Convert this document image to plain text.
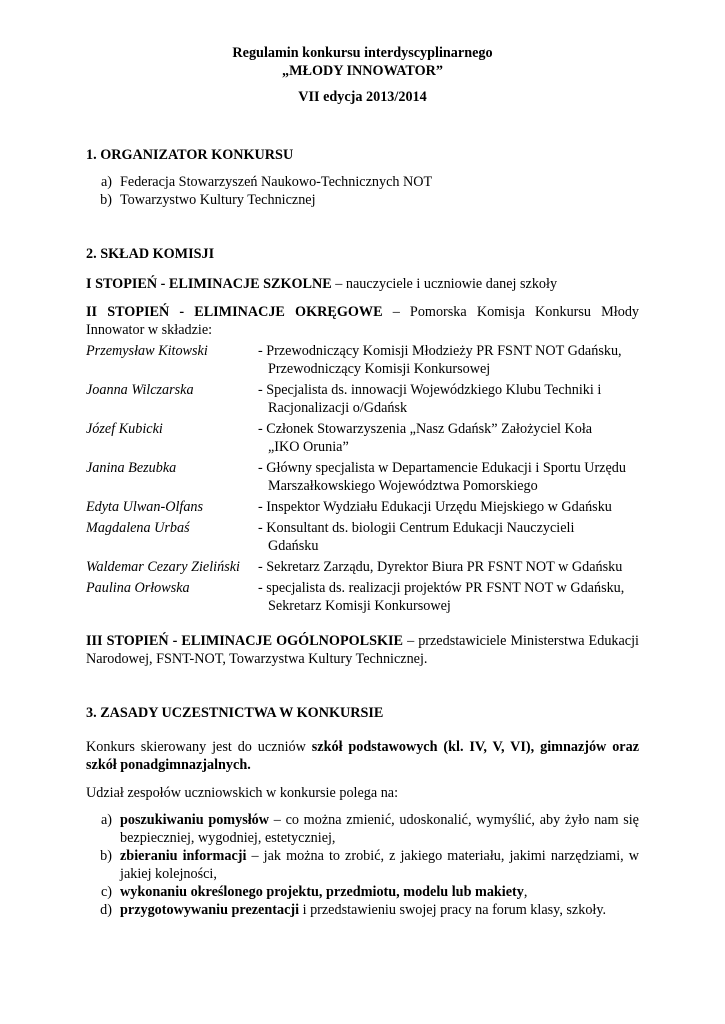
Regulamin konkursu interdyscyplinarnego
„MŁODY INNOWATOR”
VII edycja 2013/2014
1. ORGANIZATOR KONKURSU
a) Federacja Stowarzyszeń Naukowo-Technicznych NOT
b) Towarzystwo Kultury Technicznej
2. SKŁAD KOMISJI
I STOPIEŃ - ELIMINACJE SZKOLNE – nauczyciele i uczniowie danej szkoły
II STOPIEŃ - ELIMINACJE OKRĘGOWE – Pomorska Komisja Konkursu Młody Innowator w składzie:
Przemysław Kitowski	- Przewodniczący Komisji Młodzieży PR FSNT NOT Gdańsku,
Przewodniczący Komisji Konkursowej

Joanna Wilczarska	- Specjalista ds. innowacji Wojewódzkiego Klubu Techniki i
Racjonalizacji o/Gdańsk

Józef Kubicki	- Członek Stowarzyszenia „Nasz Gdańsk” Założyciel Koła
„IKO Orunia”

Janina Bezubka	- Główny specjalista w Departamencie Edukacji i Sportu Urzędu
Marszałkowskiego Województwa Pomorskiego

Edyta Ulwan-Olfans	- Inspektor Wydziału Edukacji Urzędu Miejskiego w Gdańsku
Magdalena Urbaś	- Konsultant ds. biologii Centrum Edukacji Nauczycieli
Gdańsku

Waldemar Cezary Zieliński	- Sekretarz Zarządu, Dyrektor Biura PR FSNT NOT w Gdańsku
Paulina Orłowska	- specjalista ds. realizacji projektów PR FSNT NOT w Gdańsku,
Sekretarz Komisji Konkursowej
III STOPIEŃ - ELIMINACJE OGÓLNOPOLSKIE – przedstawiciele Ministerstwa Edukacji Narodowej, FSNT-NOT, Towarzystwa Kultury Technicznej.
3. ZASADY UCZESTNICTWA W KONKURSIE
Konkurs skierowany jest do uczniów szkół podstawowych (kl. IV, V, VI), gimnazjów oraz szkół ponadgimnazjalnych.
Udział zespołów uczniowskich w konkursie polega na:
a) poszukiwaniu pomysłów – co można zmienić, udoskonalić, wymyślić, aby żyło nam się bezpieczniej, wygodniej, estetyczniej,
b) zbieraniu informacji – jak można to zrobić, z jakiego materiału, jakimi narzędziami, w jakiej kolejności,
c) wykonaniu określonego projektu, przedmiotu, modelu lub makiety,
d) przygotowywaniu prezentacji i przedstawieniu swojej pracy na forum klasy, szkoły.
